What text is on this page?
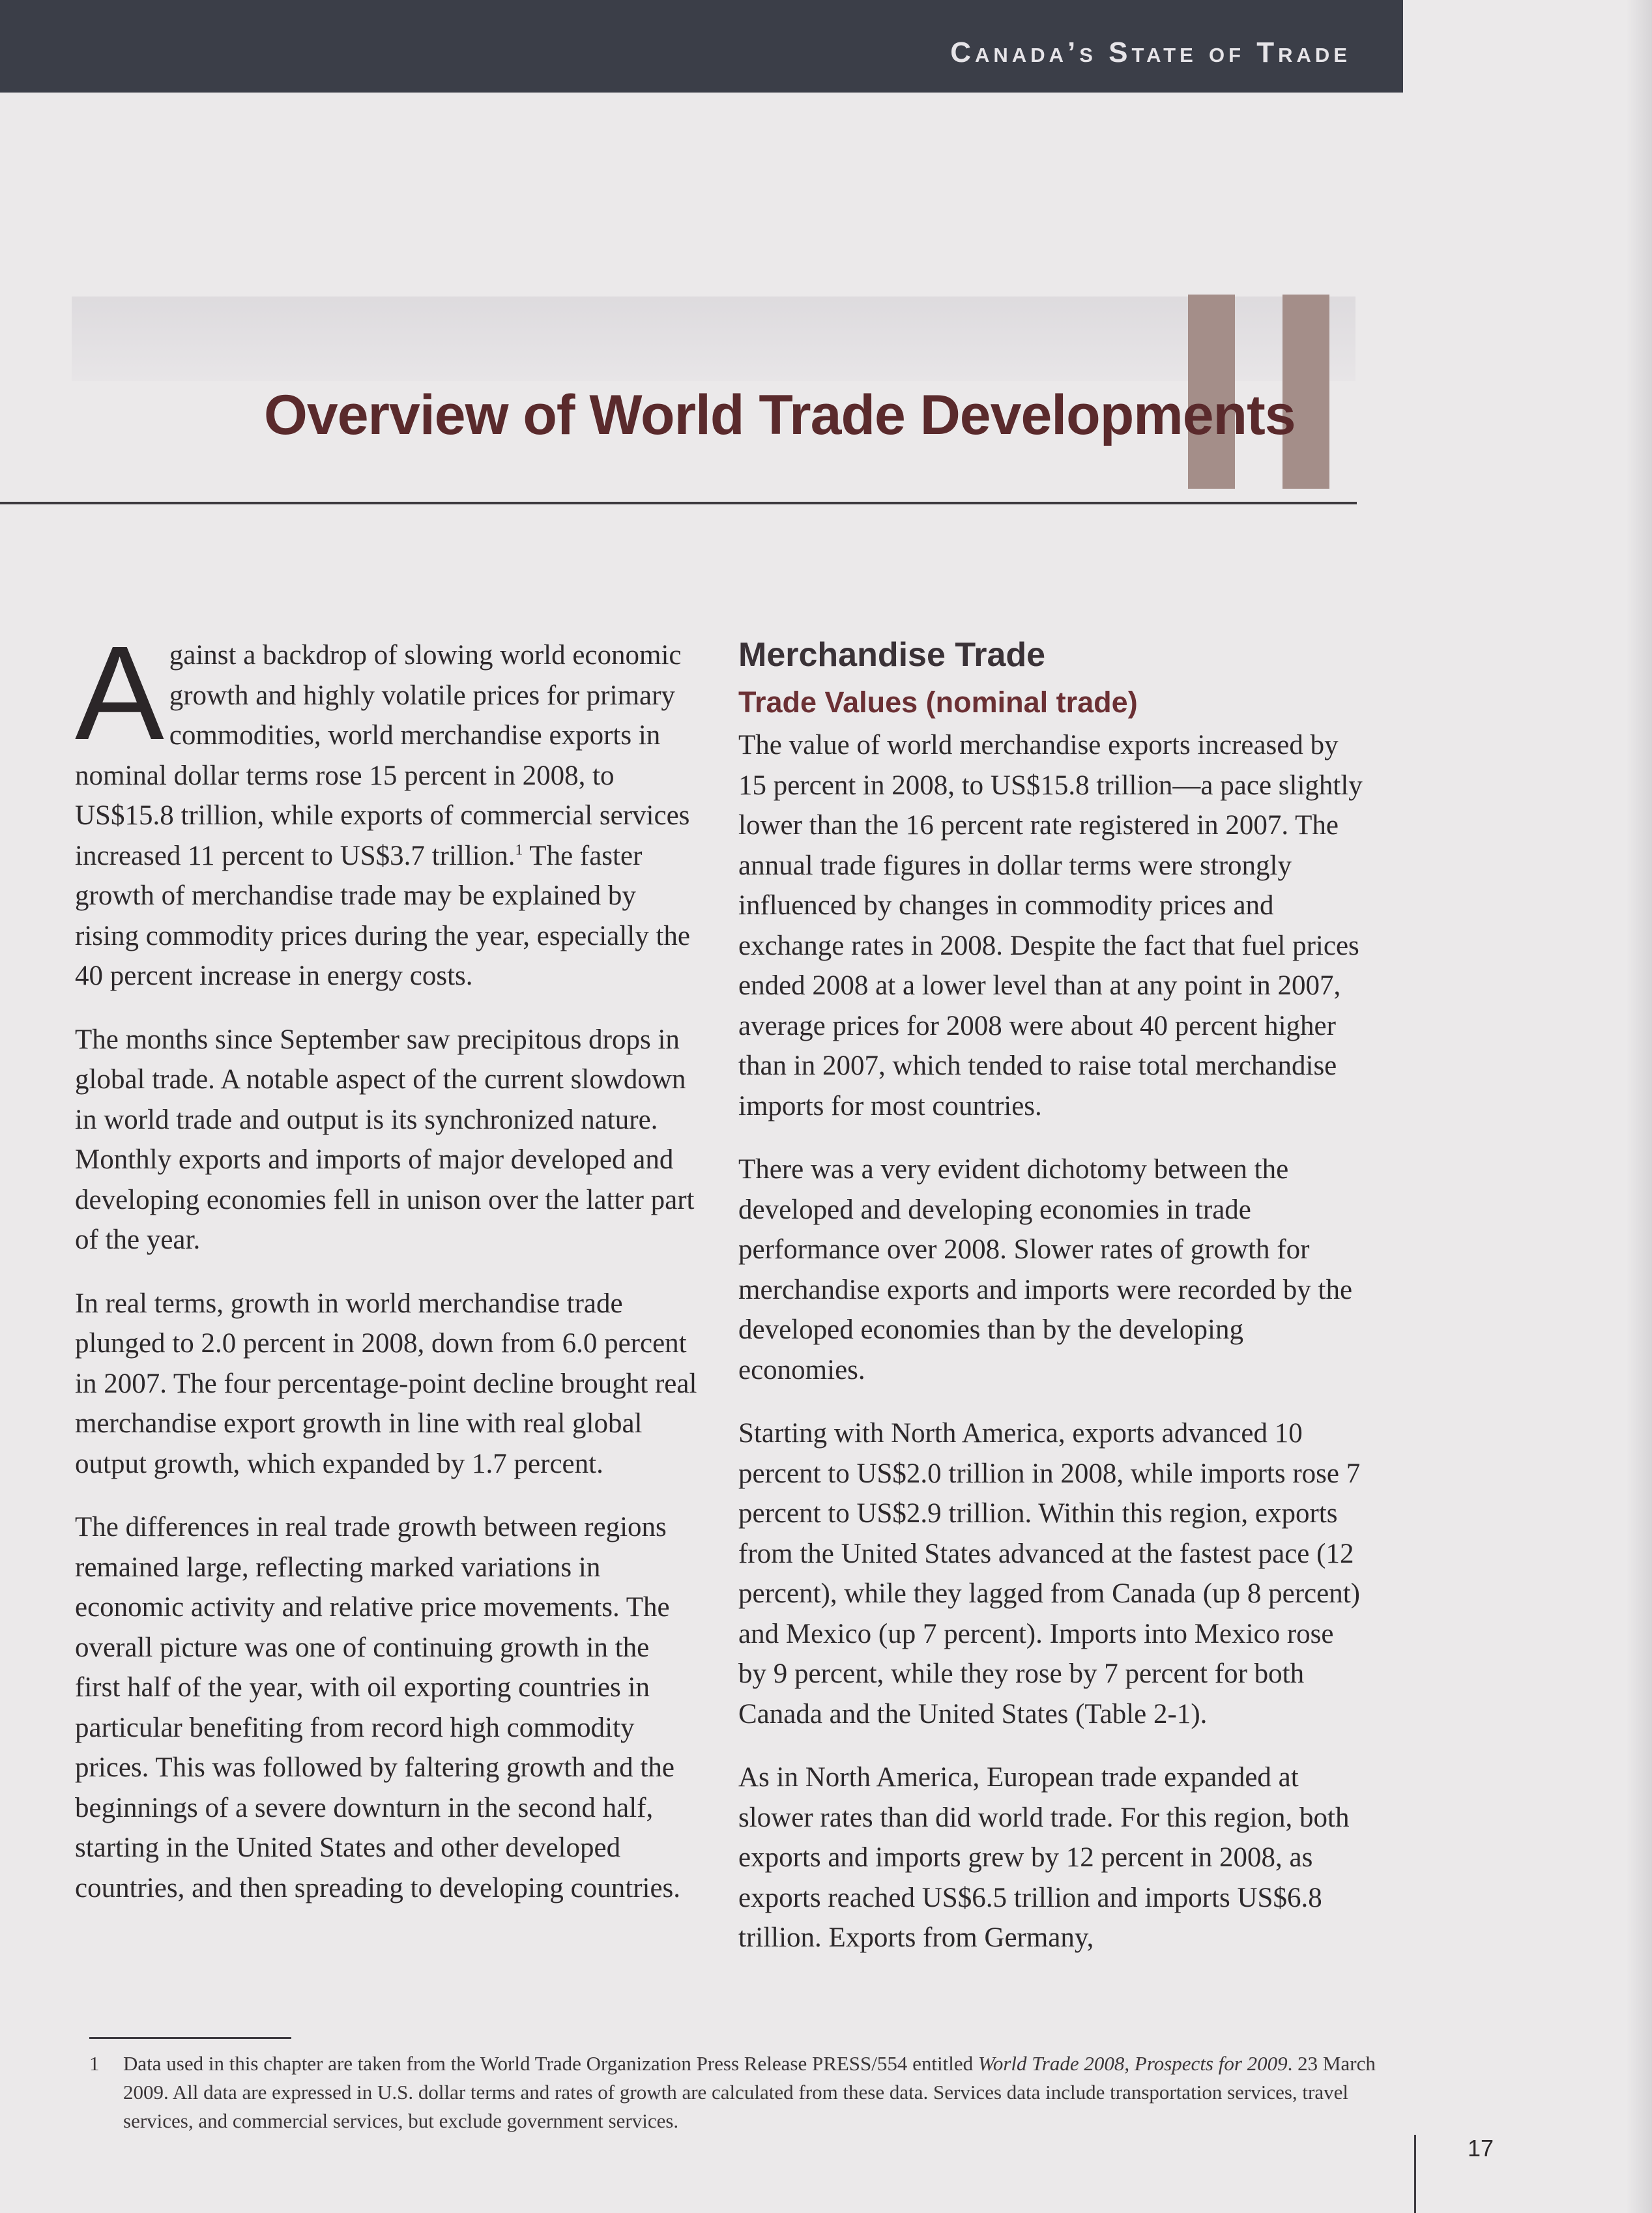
Canada’s State of Trade
Overview of World Trade Developments

Against a backdrop of slowing world economic growth and highly volatile prices for primary commodities, world merchandise exports in nominal dollar terms rose 15 percent in 2008, to US$15.8 trillion, while exports of commercial services increased 11 percent to US$3.7 trillion.$^1$ The faster growth of merchandise trade may be explained by rising commodity prices during the year, especially the 40 percent increase in energy costs.

The months since September saw precipitous drops in global trade. A notable aspect of the current slowdown in world trade and output is its synchronized nature. Monthly exports and imports of major developed and developing economies fell in unison over the latter part of the year.

In real terms, growth in world merchandise trade plunged to 2.0 percent in 2008, down from 6.0 percent in 2007. The four percentage-point decline brought real merchandise export growth in line with real global output growth, which expanded by 1.7 percent.

The differences in real trade growth between regions remained large, reflecting marked variations in economic activity and relative price movements. The overall picture was one of continuing growth in the first half of the year, with oil exporting countries in particular benefiting from record high commodity prices. This was followed by faltering growth and the beginnings of a severe downturn in the second half, starting in the United States and other developed countries, and then spreading to developing countries.

Merchandise Trade
Trade Values (nominal trade)

The value of world merchandise exports increased by 15 percent in 2008, to US$15.8 trillion—a pace slightly lower than the 16 percent rate registered in 2007. The annual trade figures in dollar terms were strongly influenced by changes in commodity prices and exchange rates in 2008. Despite the fact that fuel prices ended 2008 at a lower level than at any point in 2007, average prices for 2008 were about 40 percent higher than in 2007, which tended to raise total merchandise imports for most countries.

There was a very evident dichotomy between the developed and developing economies in trade performance over 2008. Slower rates of growth for merchandise exports and imports were recorded by the developed economies than by the developing economies.

Starting with North America, exports advanced 10 percent to US$2.0 trillion in 2008, while imports rose 7 percent to US$2.9 trillion. Within this region, exports from the United States advanced at the fastest pace (12 percent), while they lagged from Canada (up 8 percent) and Mexico (up 7 percent). Imports into Mexico rose by 9 percent, while they rose by 7 percent for both Canada and the United States (Table 2-1).

As in North America, European trade expanded at slower rates than did world trade. For this region, both exports and imports grew by 12 percent in 2008, as exports reached US$6.5 trillion and imports US$6.8 trillion. Exports from Germany,

1 Data used in this chapter are taken from the World Trade Organization Press Release PRESS/554 entitled World Trade 2008, Prospects for 2009. 23 March 2009. All data are expressed in U.S. dollar terms and rates of growth are calculated from these data. Services data include transportation services, travel services, and commercial services, but exclude government services.
17
